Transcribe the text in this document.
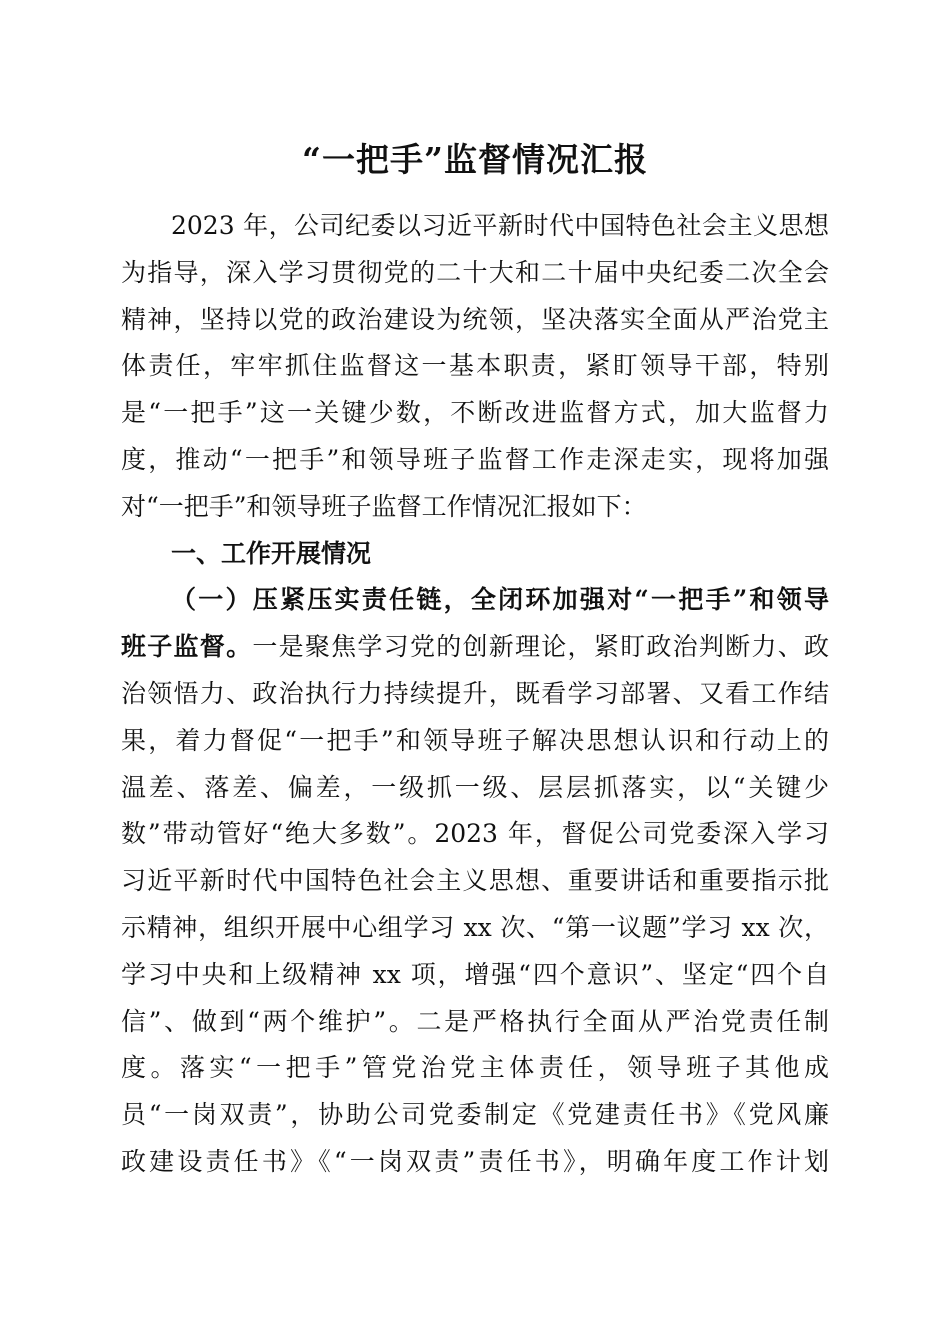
“一把手”监督情况汇报
2023 年，公司纪委以习近平新时代中国特色社会主义思想
为指导，深入学习贯彻党的二十大和二十届中央纪委二次全会
精神，坚持以党的政治建设为统领，坚决落实全面从严治党主
体责任，牢牢抓住监督这一基本职责，紧盯领导干部，特别
是“一把手”这一关键少数，不断改进监督方式，加大监督力
度，推动“一把手”和领导班子监督工作走深走实，现将加强
对“一把手”和领导班子监督工作情况汇报如下：
一、工作开展情况
（一）压紧压实责任链，全闭环加强对“一把手”和领导
班子监督。一是聚焦学习党的创新理论，紧盯政治判断力、政
治领悟力、政治执行力持续提升，既看学习部署、又看工作结
果，着力督促“一把手”和领导班子解决思想认识和行动上的
温差、落差、偏差，一级抓一级、层层抓落实，以“关键少
数”带动管好“绝大多数”。2023 年，督促公司党委深入学习
习近平新时代中国特色社会主义思想、重要讲话和重要指示批
示精神，组织开展中心组学习 xx 次、“第一议题”学习 xx 次，
学习中央和上级精神 xx 项，增强“四个意识”、坚定“四个自
信”、做到“两个维护”。二是严格执行全面从严治党责任制
度。落实“一把手”管党治党主体责任，领导班子其他成
员“一岗双责”，协助公司党委制定《党建责任书》《党风廉
政建设责任书》《“一岗双责”责任书》，明确年度工作计划
